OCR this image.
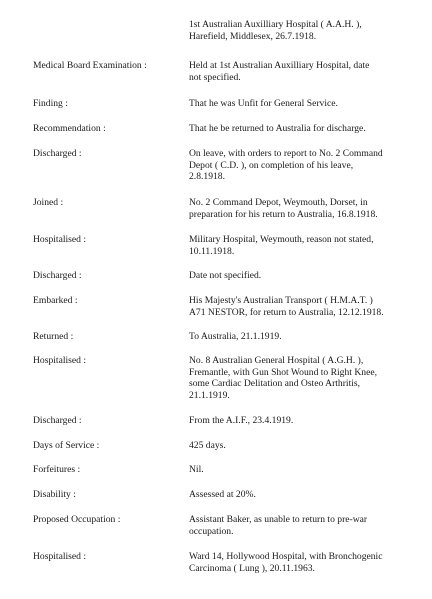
1st Australian Auxilliary Hospital ( A.A.H. ),
Harefield, Middlesex, 26.7.1918.
Medical Board Examination :	Held at 1st Australian Auxilliary Hospital, date
not specified.
Finding :	That he was Unfit for General Service.
Recommendation :	That he be returned to Australia for discharge.
Discharged :	On leave, with orders to report to No. 2 Command
Depot ( C.D. ), on completion of his leave,
2.8.1918.
Joined :	No. 2 Command Depot, Weymouth, Dorset, in
preparation for his return to Australia, 16.8.1918.
Hospitalised :	Military Hospital, Weymouth, reason not stated,
10.11.1918.
Discharged :	Date not specified.
Embarked :	His Majesty's Australian Transport ( H.M.A.T. )
A71 NESTOR, for return to Australia, 12.12.1918.
Returned :	To Australia, 21.1.1919.
Hospitalised :	No. 8 Australian General Hospital ( A.G.H. ),
Fremantle, with Gun Shot Wound to Right Knee,
some Cardiac Delitation and Osteo Arthritis,
21.1.1919.
Discharged :	From the A.I.F., 23.4.1919.
Days of Service :	425 days.
Forfeitures :	Nil.
Disability :	Assessed at 20%.
Proposed Occupation :	Assistant Baker, as unable to return to pre-war
occupation.
Hospitalised :	Ward 14, Hollywood Hospital, with Bronchogenic
Carcinoma ( Lung ), 20.11.1963.
